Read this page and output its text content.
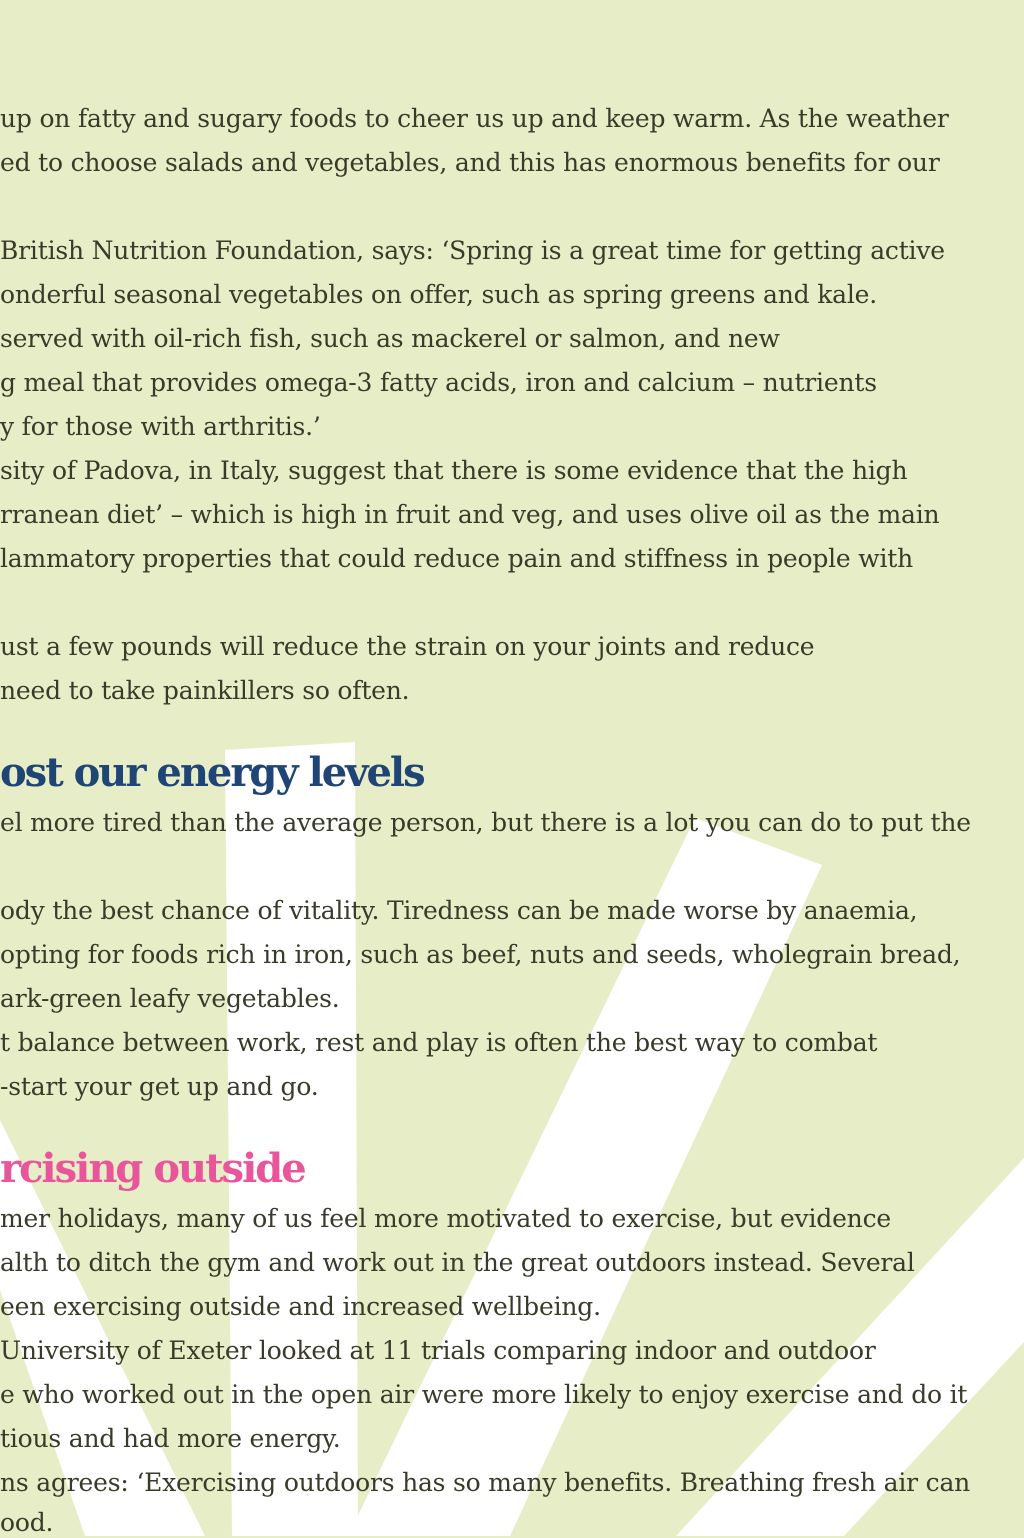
up on fatty and sugary foods to cheer us up and keep warm. As the weather
ed to choose salads and vegetables, and this has enormous benefits for our
British Nutrition Foundation, says: ‘Spring is a great time for getting active
onderful seasonal vegetables on offer, such as spring greens and kale.
served with oil-rich fish, such as mackerel or salmon, and new
g meal that provides omega-3 fatty acids, iron and calcium – nutrients
y for those with arthritis.’
sity of Padova, in Italy, suggest that there is some evidence that the high
rranean diet’ – which is high in fruit and veg, and uses olive oil as the main
lammatory properties that could reduce pain and stiffness in people with
ust a few pounds will reduce the strain on your joints and reduce
need to take painkillers so often.
ost our energy levels
el more tired than the average person, but there is a lot you can do to put the
ody the best chance of vitality. Tiredness can be made worse by anaemia,
opting for foods rich in iron, such as beef, nuts and seeds, wholegrain bread,
ark-green leafy vegetables.
t balance between work, rest and play is often the best way to combat
-start your get up and go.
rcising outside
mer holidays, many of us feel more motivated to exercise, but evidence
alth to ditch the gym and work out in the great outdoors instead. Several
een exercising outside and increased wellbeing.
University of Exeter looked at 11 trials comparing indoor and outdoor
e who worked out in the open air were more likely to enjoy exercise and do it
tious and had more energy.
ns agrees: ‘Exercising outdoors has so many benefits. Breathing fresh air can
ood.
